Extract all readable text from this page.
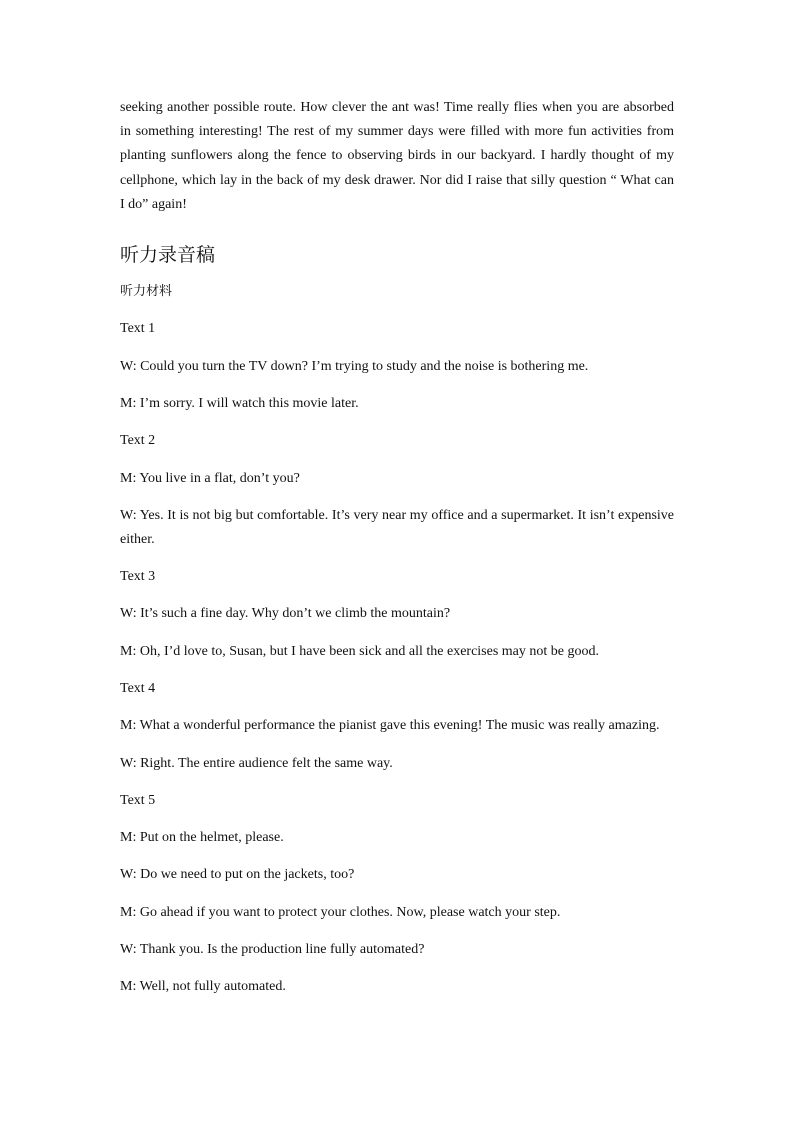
seeking another possible route. How clever the ant was! Time really flies when you are absorbed in something interesting! The rest of my summer days were filled with more fun activities from planting sunflowers along the fence to observing birds in our backyard. I hardly thought of my cellphone, which lay in the back of my desk drawer. Nor did I raise that silly question “ What can I do” again!

听力录音稿

听力材料

Text 1

W: Could you turn the TV down? I’m trying to study and the noise is bothering me.

M: I’m sorry. I will watch this movie later.

Text 2

M: You live in a flat, don’t you?

W: Yes. It is not big but comfortable. It’s very near my office and a supermarket. It isn’t expensive either.

Text 3

W: It’s such a fine day. Why don’t we climb the mountain?

M: Oh, I’d love to, Susan, but I have been sick and all the exercises may not be good.

Text 4

M: What a wonderful performance the pianist gave this evening! The music was really amazing.

W: Right. The entire audience felt the same way.

Text 5

M: Put on the helmet, please.

W: Do we need to put on the jackets, too?

M: Go ahead if you want to protect your clothes. Now, please watch your step.

W: Thank you. Is the production line fully automated?

M: Well, not fully automated.
